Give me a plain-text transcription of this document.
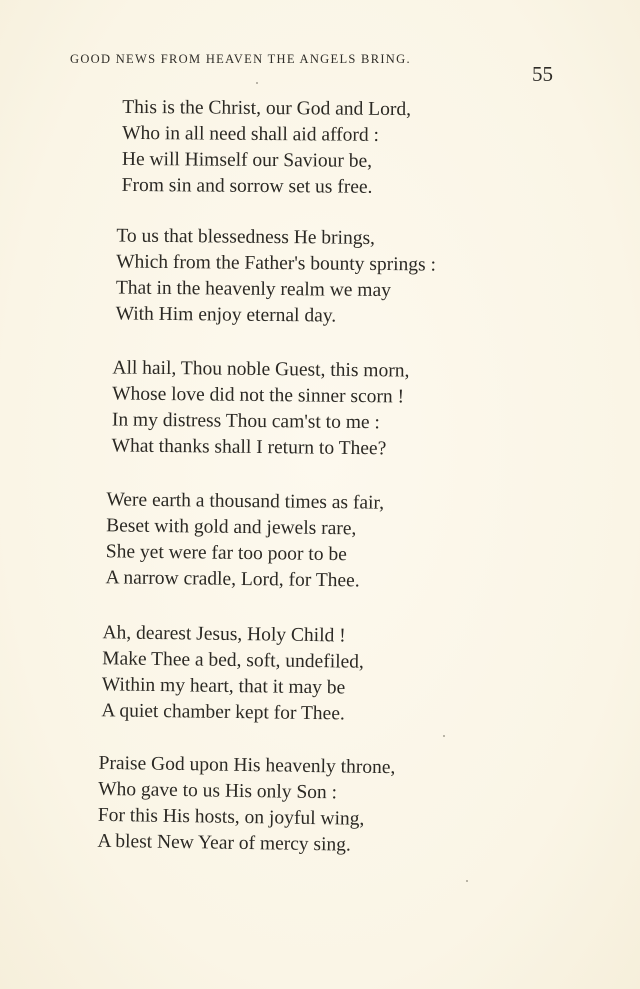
GOOD NEWS FROM HEAVEN THE ANGELS BRING.
55
This is the Christ, our God and Lord,
Who in all need shall aid afford :
He will Himself our Saviour be,
From sin and sorrow set us free.
To us that blessedness He brings,
Which from the Father's bounty springs :
That in the heavenly realm we may
With Him enjoy eternal day.
All hail, Thou noble Guest, this morn,
Whose love did not the sinner scorn !
In my distress Thou cam'st to me :
What thanks shall I return to Thee?
Were earth a thousand times as fair,
Beset with gold and jewels rare,
She yet were far too poor to be
A narrow cradle, Lord, for Thee.
Ah, dearest Jesus, Holy Child !
Make Thee a bed, soft, undefiled,
Within my heart, that it may be
A quiet chamber kept for Thee.
Praise God upon His heavenly throne,
Who gave to us His only Son :
For this His hosts, on joyful wing,
A blest New Year of mercy sing.
